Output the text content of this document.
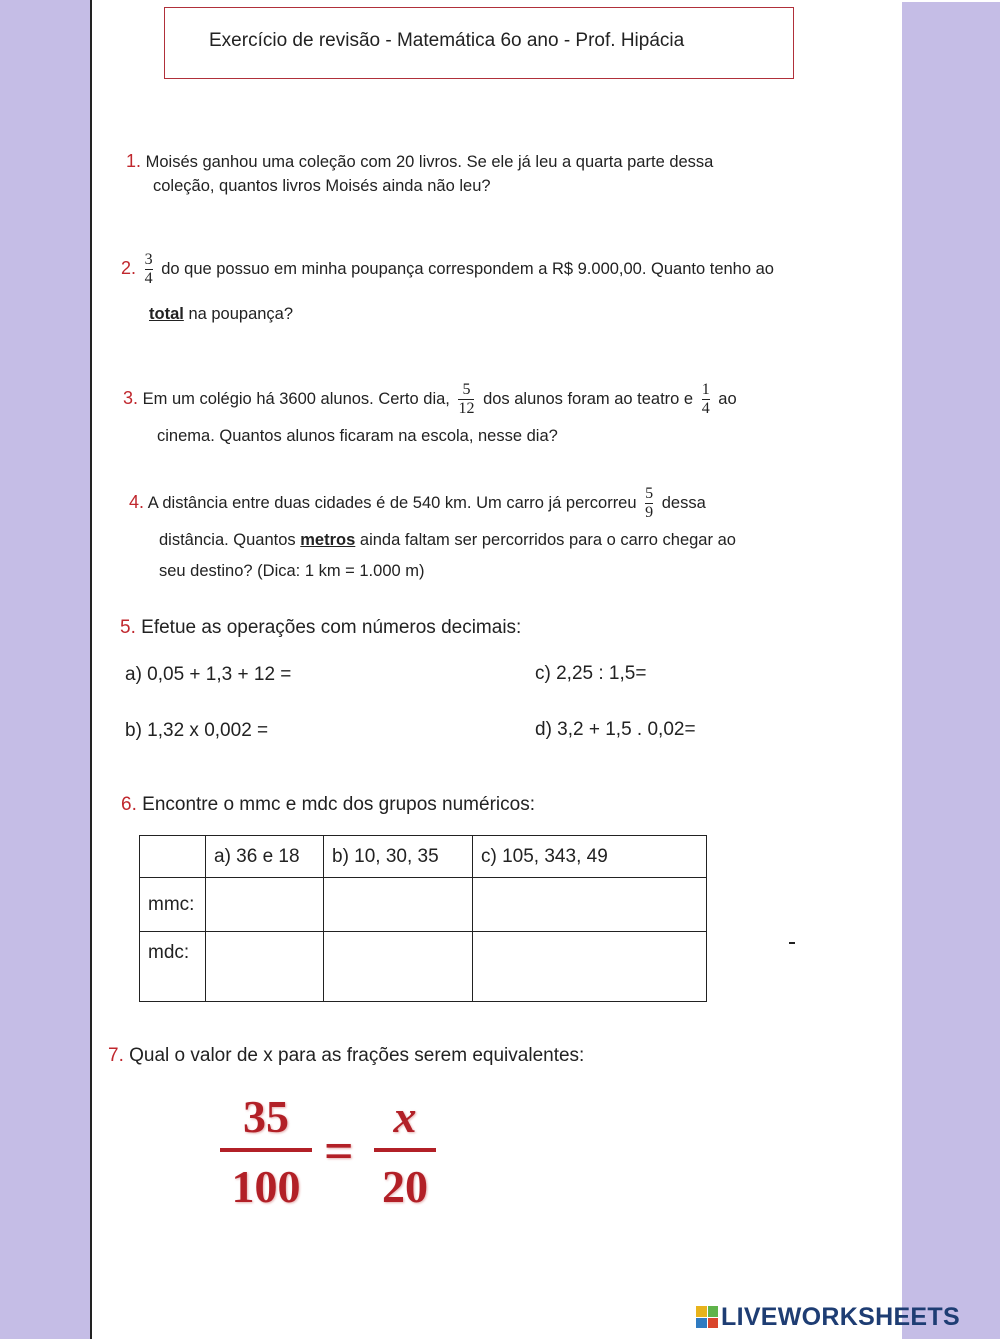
Exercício de revisão - Matemática 6o ano - Prof. Hipácia
1. Moisés ganhou uma coleção com 20 livros. Se ele já leu a quarta parte dessa
coleção, quantos livros Moisés ainda não leu?
2. $\frac{3}{4}$ do que possuo em minha poupança correspondem a R$ 9.000,00. Quanto tenho ao
total na poupança?
3. Em um colégio há 3600 alunos. Certo dia, $\frac{5}{12}$ dos alunos foram ao teatro e $\frac{1}{4}$ ao
cinema. Quantos alunos ficaram na escola, nesse dia?
4. A distância entre duas cidades é de 540 km. Um carro já percorreu $\frac{5}{9}$ dessa
distância. Quantos metros ainda faltam ser percorridos para o carro chegar ao
seu destino? (Dica: 1 km = 1.000 m)
5. Efetue as operações com números decimais:
a) 0,05 + 1,3 + 12 =
b) 1,32 x 0,002 =
c) 2,25 : 1,5=
d) 3,2 + 1,5 . 0,02=
6. Encontre o mmc e mdc dos grupos numéricos:
	a) 36 e 18	b) 10, 30, 35	c) 105, 343, 49
mmc:			
mdc:			
7. Qual o valor de x para as frações serem equivalentes:
35
100
=
x
20
LIVEWORKSHEETS
